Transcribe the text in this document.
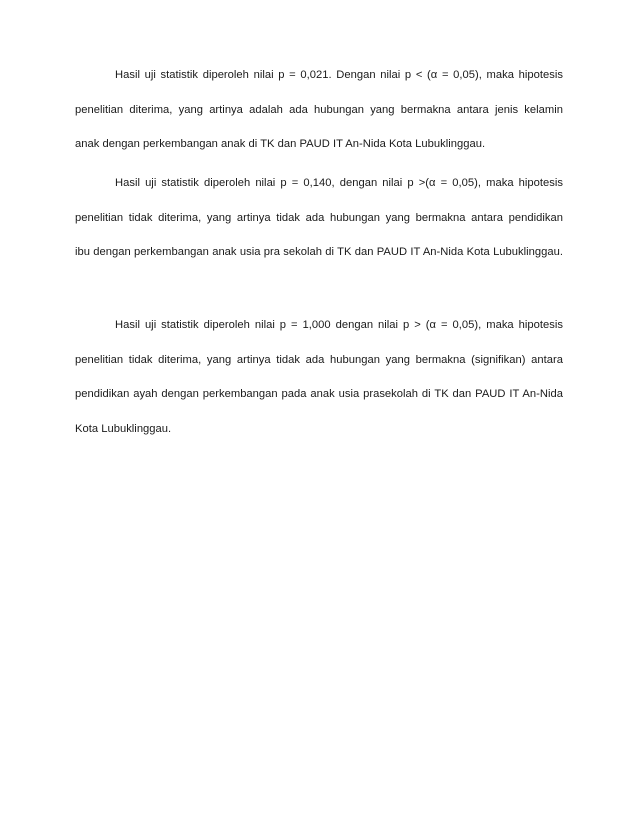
Hasil uji statistik diperoleh nilai p = 0,021. Dengan nilai p < (α = 0,05), maka hipotesis
penelitian diterima, yang artinya adalah ada hubungan yang bermakna antara jenis kelamin
anak dengan perkembangan anak di TK dan PAUD IT An-Nida Kota Lubuklinggau.
Hasil uji statistik diperoleh nilai p = 0,140, dengan nilai p >(α = 0,05), maka hipotesis
penelitian tidak diterima, yang artinya tidak ada hubungan yang bermakna antara pendidikan
ibu dengan perkembangan anak usia pra sekolah di TK dan PAUD IT An-Nida Kota Lubuklinggau.
Hasil uji statistik diperoleh nilai p = 1,000 dengan nilai p > (α = 0,05), maka hipotesis
penelitian tidak diterima, yang artinya tidak ada hubungan yang bermakna (signifikan) antara
pendidikan ayah dengan perkembangan pada anak usia prasekolah di TK dan PAUD IT An-Nida
Kota Lubuklinggau.
